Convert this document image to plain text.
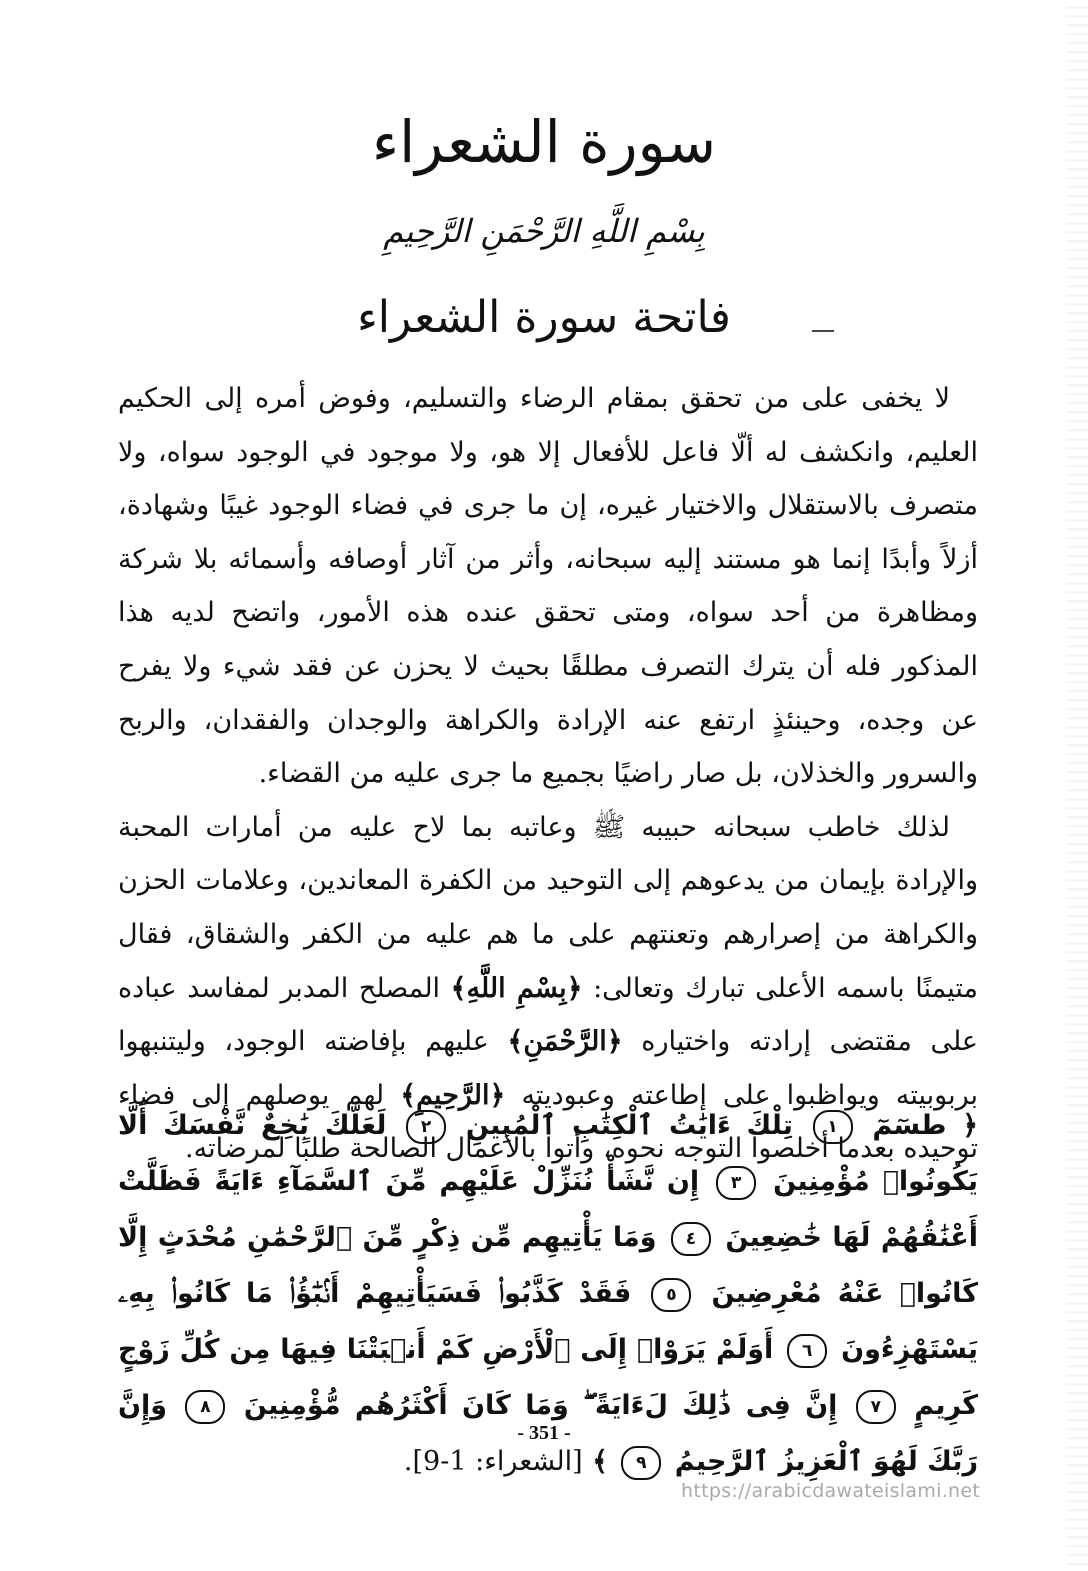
سورة الشعراء
بِسْمِ اللَّهِ الرَّحْمَنِ الرَّحِيمِ
فاتحة سورة الشعراء

لا يخفى على من تحقق بمقام الرضاء والتسليم، وفوض أمره إلى الحكيم العليم، وانكشف له ألّا فاعل للأفعال إلا هو، ولا موجود في الوجود سواه، ولا متصرف بالاستقلال والاختيار غيره، إن ما جرى في فضاء الوجود غيبًا وشهادة، أزلاً وأبدًا إنما هو مستند إليه سبحانه، وأثر من آثار أوصافه وأسمائه بلا شركة ومظاهرة من أحد سواه، ومتى تحقق عنده هذه الأمور، واتضح لديه هذا المذكور فله أن يترك التصرف مطلقًا بحيث لا يحزن عن فقد شيء ولا يفرح عن وجده، وحينئذٍ ارتفع عنه الإرادة والكراهة والوجدان والفقدان، والربح والسرور والخذلان، بل صار راضيًا بجميع ما جرى عليه من القضاء.

لذلك خاطب سبحانه حبيبه ﷺ وعاتبه بما لاح عليه من أمارات المحبة والإرادة بإيمان من يدعوهم إلى التوحيد من الكفرة المعاندين، وعلامات الحزن والكراهة من إصرارهم وتعنتهم على ما هم عليه من الكفر والشقاق، فقال متيمنًا باسمه الأعلى تبارك وتعالى: ﴿بِسْمِ اللَّهِ﴾ المصلح المدبر لمفاسد عباده على مقتضى إرادته واختياره ﴿الرَّحْمَنِ﴾ عليهم بإفاضته الوجود، وليتنبهوا بربوبيته ويواظبوا على إطاعته وعبوديته ﴿الرَّحِيمِ﴾ لهم يوصلهم إلى فضاء توحيده بعدما أخلصوا التوجه نحوه، وأتوا بالأعمال الصالحة طلبًا لمرضاته.

﴿ طسٓمٓ ١ تِلْكَ ءَايَٰتُ ٱلْكِتَٰبِ ٱلْمُبِينِ ٢ لَعَلَّكَ بَٰخِعٌ نَّفْسَكَ أَلَّا يَكُونُوا۟ مُؤْمِنِينَ ٣ إِن نَّشَأْ نُنَزِّلْ عَلَيْهِم مِّنَ ٱلسَّمَآءِ ءَايَةً فَظَلَّتْ أَعْنَٰقُهُمْ لَهَا خَٰضِعِينَ ٤ وَمَا يَأْتِيهِم مِّن ذِكْرٍ مِّنَ ٱلرَّحْمَٰنِ مُحْدَثٍ إِلَّا كَانُوا۟ عَنْهُ مُعْرِضِينَ ٥ فَقَدْ كَذَّبُوا۟ فَسَيَأْتِيهِمْ أَنۢبَٰٓؤُا۟ مَا كَانُوا۟ بِهِۦ يَسْتَهْزِءُونَ ٦ أَوَلَمْ يَرَوْا۟ إِلَى ٱلْأَرْضِ كَمْ أَنۢبَتْنَا فِيهَا مِن كُلِّ زَوْجٍ كَرِيمٍ ٧ إِنَّ فِى ذَٰلِكَ لَءَايَةً ۖ وَمَا كَانَ أَكْثَرُهُم مُّؤْمِنِينَ ٨ وَإِنَّ رَبَّكَ لَهُوَ ٱلْعَزِيزُ ٱلرَّحِيمُ ٩ ﴾ [الشعراء: 1-9].
- 351 -
https://arabicdawateislami.net
